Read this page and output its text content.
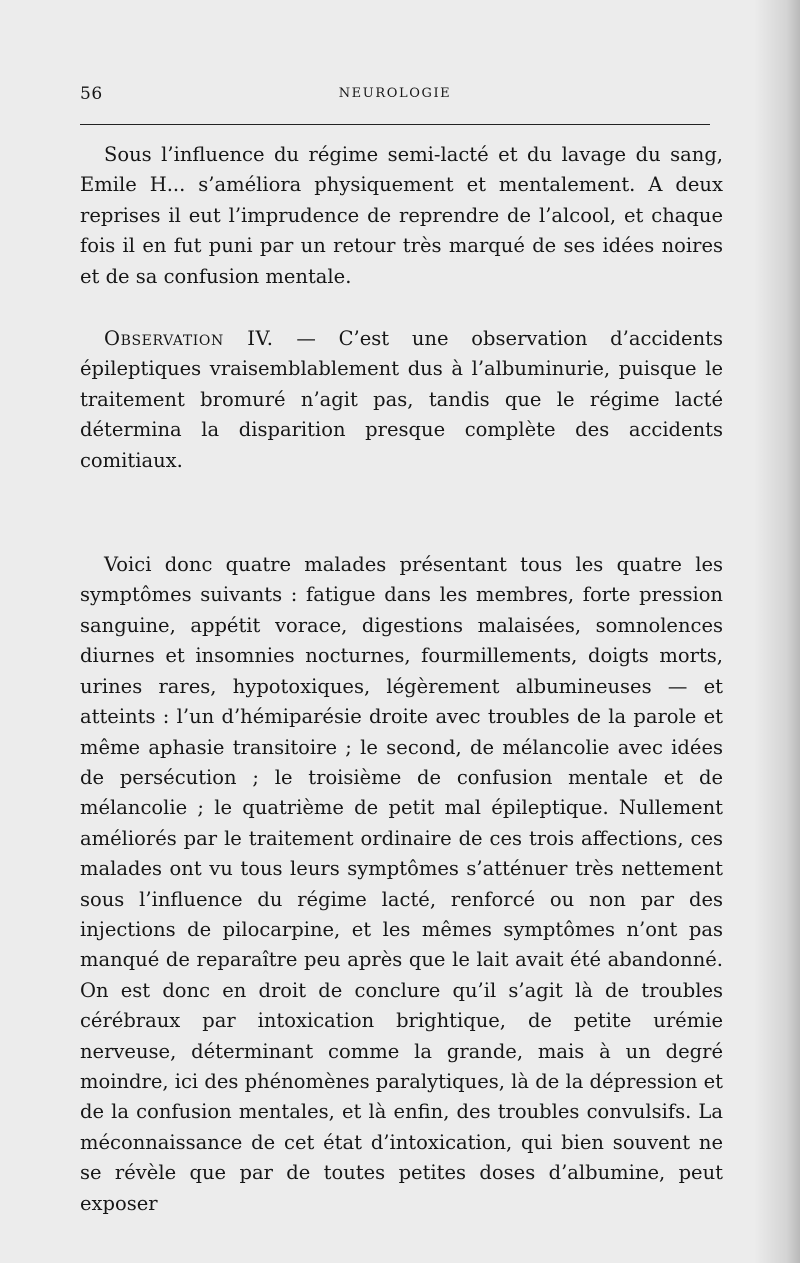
56	NEUROLOGIE

Sous l’influence du régime semi-lacté et du lavage du sang, Emile H... s’améliora physiquement et mentalement. A deux reprises il eut l’imprudence de reprendre de l’alcool, et chaque fois il en fut puni par un retour très marqué de ses idées noires et de sa confusion mentale.

Observation IV. — C’est une observation d’accidents épileptiques vraisemblablement dus à l’albuminurie, puisque le traitement bromuré n’agit pas, tandis que le régime lacté détermina la disparition presque complète des accidents comitiaux.

Voici donc quatre malades présentant tous les quatre les symptômes suivants : fatigue dans les membres, forte pression sanguine, appétit vorace, digestions malaisées, somnolences diurnes et insomnies nocturnes, fourmillements, doigts morts, urines rares, hypotoxiques, légèrement albumineuses — et atteints : l’un d’hémiparésie droite avec troubles de la parole et même aphasie transitoire ; le second, de mélancolie avec idées de persécution ; le troisième de confusion mentale et de mélancolie ; le quatrième de petit mal épileptique. Nullement améliorés par le traitement ordinaire de ces trois affections, ces malades ont vu tous leurs symptômes s’atténuer très nettement sous l’influence du régime lacté, renforcé ou non par des injections de pilocarpine, et les mêmes symptômes n’ont pas manqué de reparaître peu après que le lait avait été abandonné. On est donc en droit de conclure qu’il s’agit là de troubles cérébraux par intoxication brightique, de petite urémie nerveuse, déterminant comme la grande, mais à un degré moindre, ici des phénomènes paralytiques, là de la dépression et de la confusion mentales, et là enfin, des troubles convulsifs. La méconnaissance de cet état d’intoxication, qui bien souvent ne se révèle que par de toutes petites doses d’albumine, peut exposer
